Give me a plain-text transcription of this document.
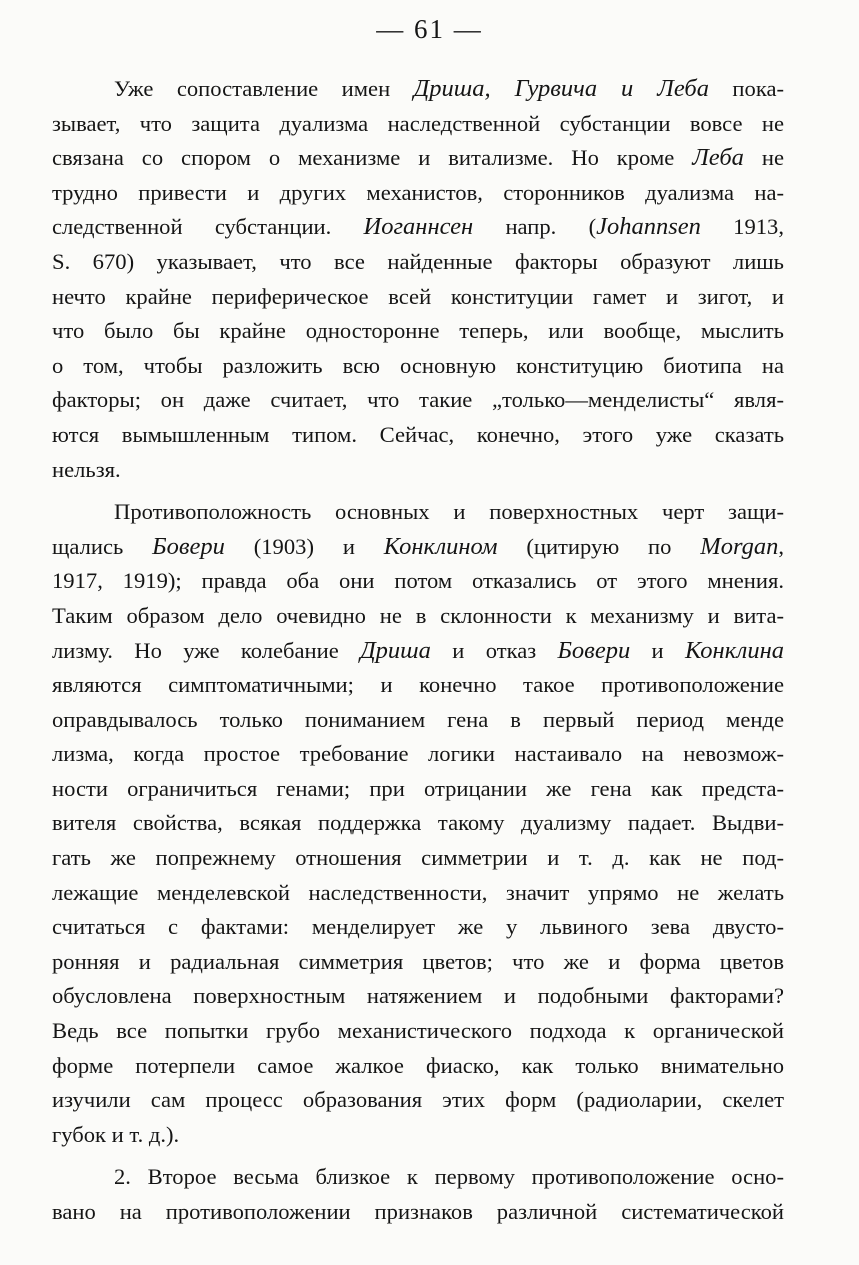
— 61 —
Уже сопоставление имен Дриша, Гурвича и Леба пока-
зывает, что защита дуализма наследственной субстанции вовсе не
связана со спором о механизме и витализме. Но кроме Леба не
трудно привести и других механистов, сторонников дуализма на-
следственной субстанции. Иоганнсен напр. (Johannsen 1913,
S. 670) указывает, что все найденные факторы образуют лишь
нечто крайне периферическое всей конституции гамет и зигот, и
что было бы крайне односторонне теперь, или вообще, мыслить
о том, чтобы разложить всю основную конституцию биотипа на
факторы; он даже считает, что такие „только—менделисты“ явля-
ются вымышленным типом. Сейчас, конечно, этого уже сказать
нельзя.
Противоположность основных и поверхностных черт защи-
щались Бовери (1903) и Конклином (цитирую по Morgan,
1917, 1919); правда оба они потом отказались от этого мнения.
Таким образом дело очевидно не в склонности к механизму и вита-
лизму. Но уже колебание Дриша и отказ Бовери и Конклина
являются симптоматичными; и конечно такое противоположение
оправдывалось только пониманием гена в первый период менде
лизма, когда простое требование логики настаивало на невозмож-
ности ограничиться генами; при отрицании же гена как предста-
вителя свойства, всякая поддержка такому дуализму падает. Выдви-
гать же попрежнему отношения симметрии и т. д. как не под-
лежащие менделевской наследственности, значит упрямо не желать
считаться с фактами: менделирует же у львиного зева двусто-
ронняя и радиальная симметрия цветов; что же и форма цветов
обусловлена поверхностным натяжением и подобными факторами?
Ведь все попытки грубо механистического подхода к органической
форме потерпели самое жалкое фиаско, как только внимательно
изучили сам процесс образования этих форм (радиоларии, скелет
губок и т. д.).
2. Второе весьма близкое к первому противоположение осно-
вано на противоположении признаков различной систематической
